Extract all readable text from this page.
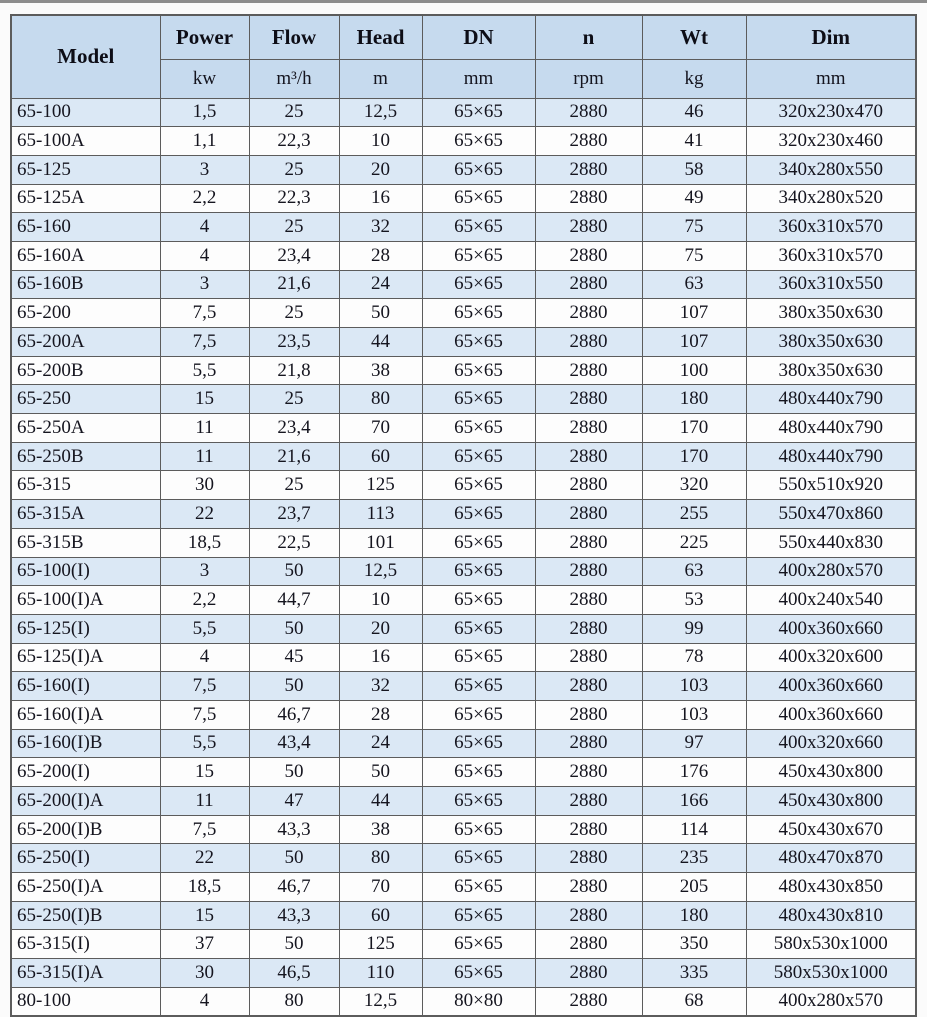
Model	Power	Flow	Head	DN	n	Wt	Dim
	kw	m³/h	m	mm	rpm	kg	mm
65-100	1,5	25	12,5	65×65	2880	46	320x230x470
65-100A	1,1	22,3	10	65×65	2880	41	320x230x460
65-125	3	25	20	65×65	2880	58	340x280x550
65-125A	2,2	22,3	16	65×65	2880	49	340x280x520
65-160	4	25	32	65×65	2880	75	360x310x570
65-160A	4	23,4	28	65×65	2880	75	360x310x570
65-160B	3	21,6	24	65×65	2880	63	360x310x550
65-200	7,5	25	50	65×65	2880	107	380x350x630
65-200A	7,5	23,5	44	65×65	2880	107	380x350x630
65-200B	5,5	21,8	38	65×65	2880	100	380x350x630
65-250	15	25	80	65×65	2880	180	480x440x790
65-250A	11	23,4	70	65×65	2880	170	480x440x790
65-250B	11	21,6	60	65×65	2880	170	480x440x790
65-315	30	25	125	65×65	2880	320	550x510x920
65-315A	22	23,7	113	65×65	2880	255	550x470x860
65-315B	18,5	22,5	101	65×65	2880	225	550x440x830
65-100(I)	3	50	12,5	65×65	2880	63	400x280x570
65-100(I)A	2,2	44,7	10	65×65	2880	53	400x240x540
65-125(I)	5,5	50	20	65×65	2880	99	400x360x660
65-125(I)A	4	45	16	65×65	2880	78	400x320x600
65-160(I)	7,5	50	32	65×65	2880	103	400x360x660
65-160(I)A	7,5	46,7	28	65×65	2880	103	400x360x660
65-160(I)B	5,5	43,4	24	65×65	2880	97	400x320x660
65-200(I)	15	50	50	65×65	2880	176	450x430x800
65-200(I)A	11	47	44	65×65	2880	166	450x430x800
65-200(I)B	7,5	43,3	38	65×65	2880	114	450x430x670
65-250(I)	22	50	80	65×65	2880	235	480x470x870
65-250(I)A	18,5	46,7	70	65×65	2880	205	480x430x850
65-250(I)B	15	43,3	60	65×65	2880	180	480x430x810
65-315(I)	37	50	125	65×65	2880	350	580x530x1000
65-315(I)A	30	46,5	110	65×65	2880	335	580x530x1000
80-100	4	80	12,5	80×80	2880	68	400x280x570
